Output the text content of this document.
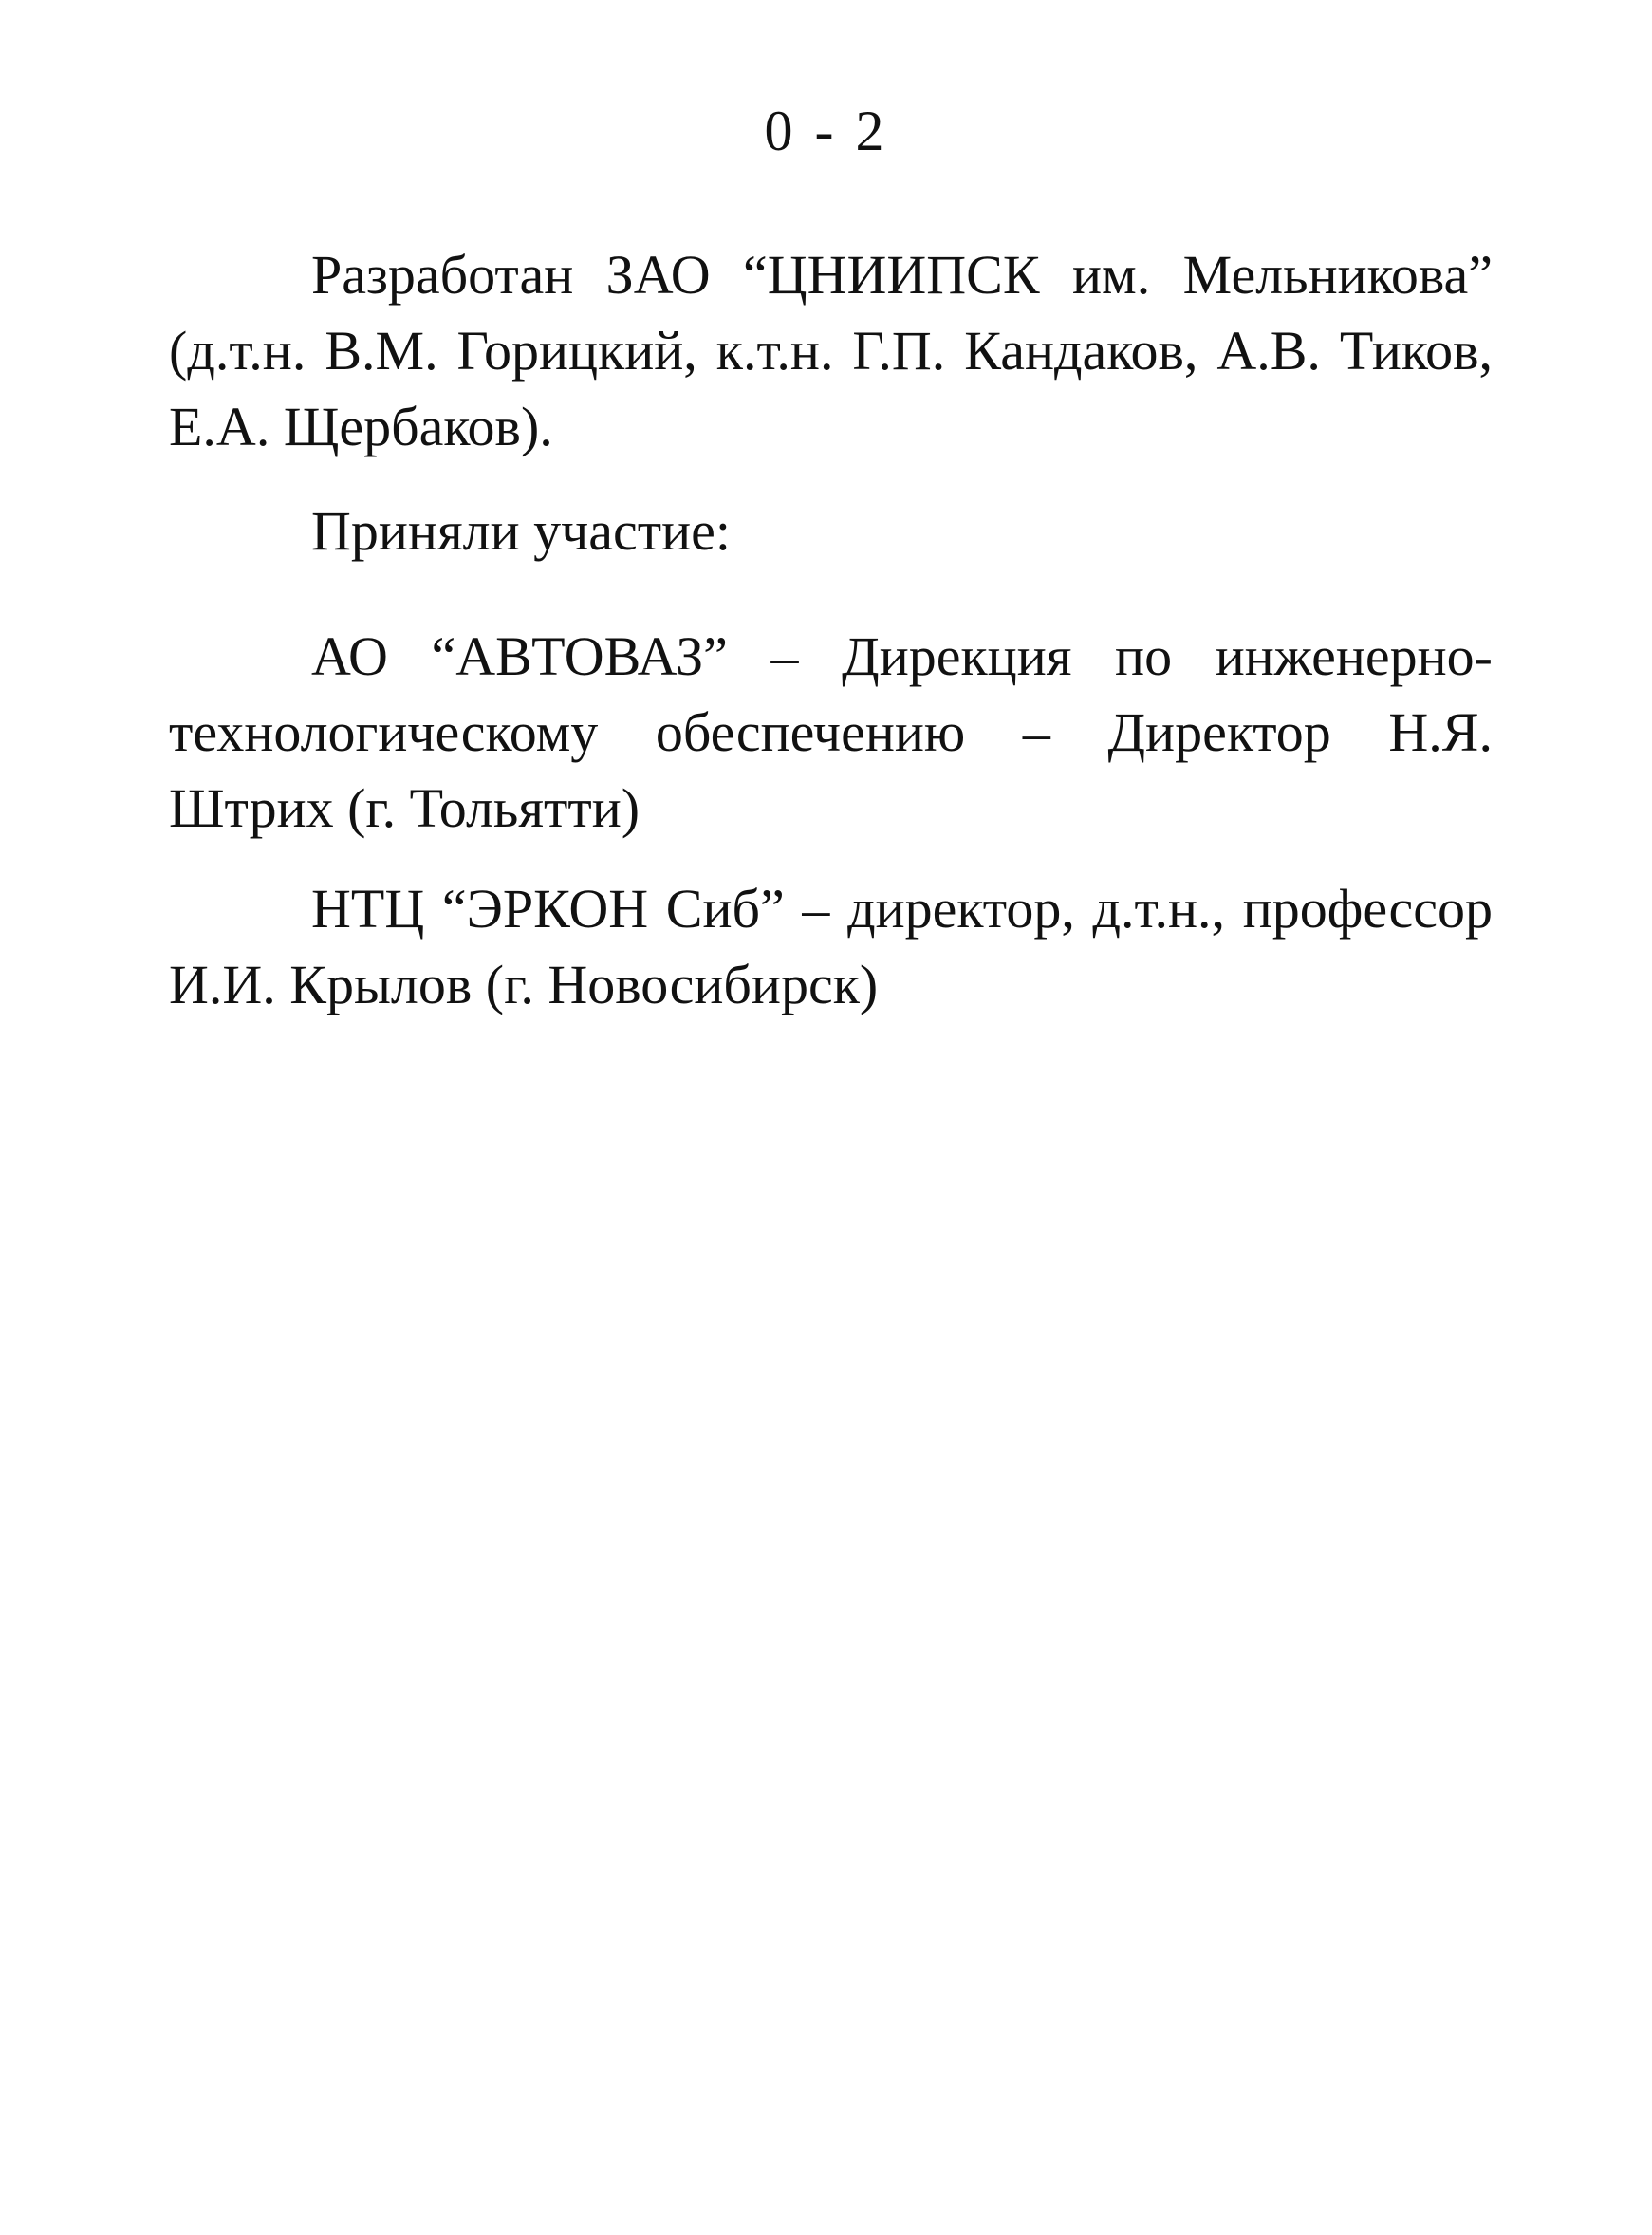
0 - 2
Разработан ЗАО “ЦНИИПСК им. Мельникова” (д.т.н. В.М. Горицкий, к.т.н. Г.П. Кандаков, А.В. Тиков, Е.А. Щербаков).
Приняли участие:
АО “АВТОВАЗ” – Дирекция по инженерно-технологическому обеспечению – Директор Н.Я. Штрих (г. Тольятти)
НТЦ “ЭРКОН Сиб” – директор, д.т.н., профессор И.И. Крылов (г. Новосибирск)
